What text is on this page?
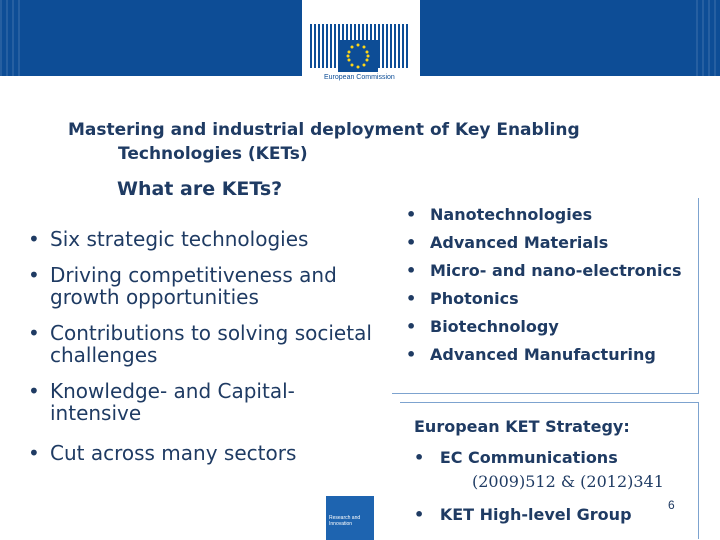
European Commission
Mastering and industrial deployment of Key Enabling
Technologies (KETs)
What are KETs?
• Six strategic technologies
• Driving competitiveness and growth opportunities
• Contributions to solving societal challenges
• Knowledge- and Capital-intensive
• Cut across many sectors
• Nanotechnologies
• Advanced Materials
• Micro- and nano-electronics
• Photonics
• Biotechnology
• Advanced Manufacturing
European KET Strategy:
• EC Communications
(2009)512 & (2012)341
• KET High-level Group	6
Research and Innovation
